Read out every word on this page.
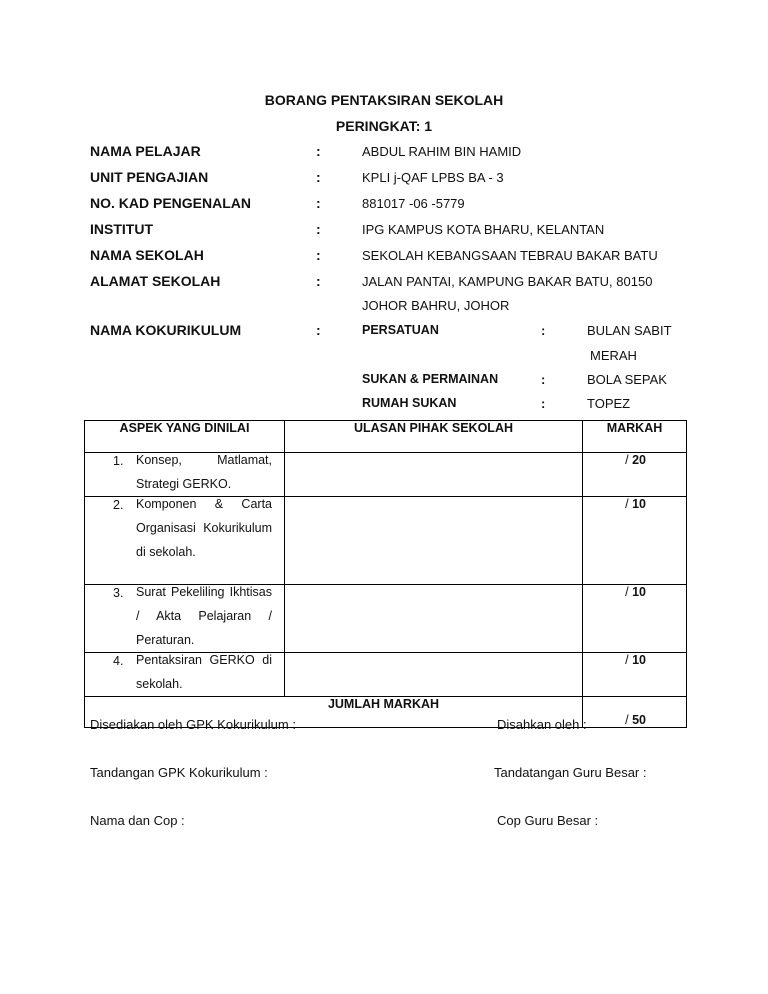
BORANG PENTAKSIRAN SEKOLAH
PERINGKAT: 1
NAMA PELAJAR	:	ABDUL RAHIM BIN HAMID
UNIT PENGAJIAN	:	KPLI j-QAF LPBS BA - 3
NO. KAD PENGENALAN	:	881017 -06 -5779
INSTITUT	:	IPG KAMPUS KOTA BHARU, KELANTAN
NAMA SEKOLAH	:	SEKOLAH KEBANGSAAN TEBRAU BAKAR BATU
ALAMAT SEKOLAH	:	JALAN PANTAI, KAMPUNG BAKAR BATU, 80150
JOHOR BAHRU, JOHOR
NAMA KOKURIKULUM	:	PERSATUAN	:	BULAN SABIT
MERAH
SUKAN & PERMAINAN	:	BOLA SEPAK
RUMAH SUKAN	:	TOPEZ
ASPEK YANG DINILAI	ULASAN PIHAK SEKOLAH	MARKAH

1. Konsep, Matlamat, Strategi GERKO.		/ 20

2. Komponen & Carta Organisasi Kokurikulum di sekolah.		/ 10

3. Surat Pekeliling Ikhtisas / Akta Pelajaran / Peraturan.		/ 10

4. Pentaksiran GERKO di sekolah.		/ 10
JUMLAH MARKAH		/ 50
Disediakan oleh GPK Kokurikulum :	Disahkan oleh :
Tandangan GPK Kokurikulum :	Tandatangan Guru Besar :
Nama dan Cop :	Cop Guru Besar :
